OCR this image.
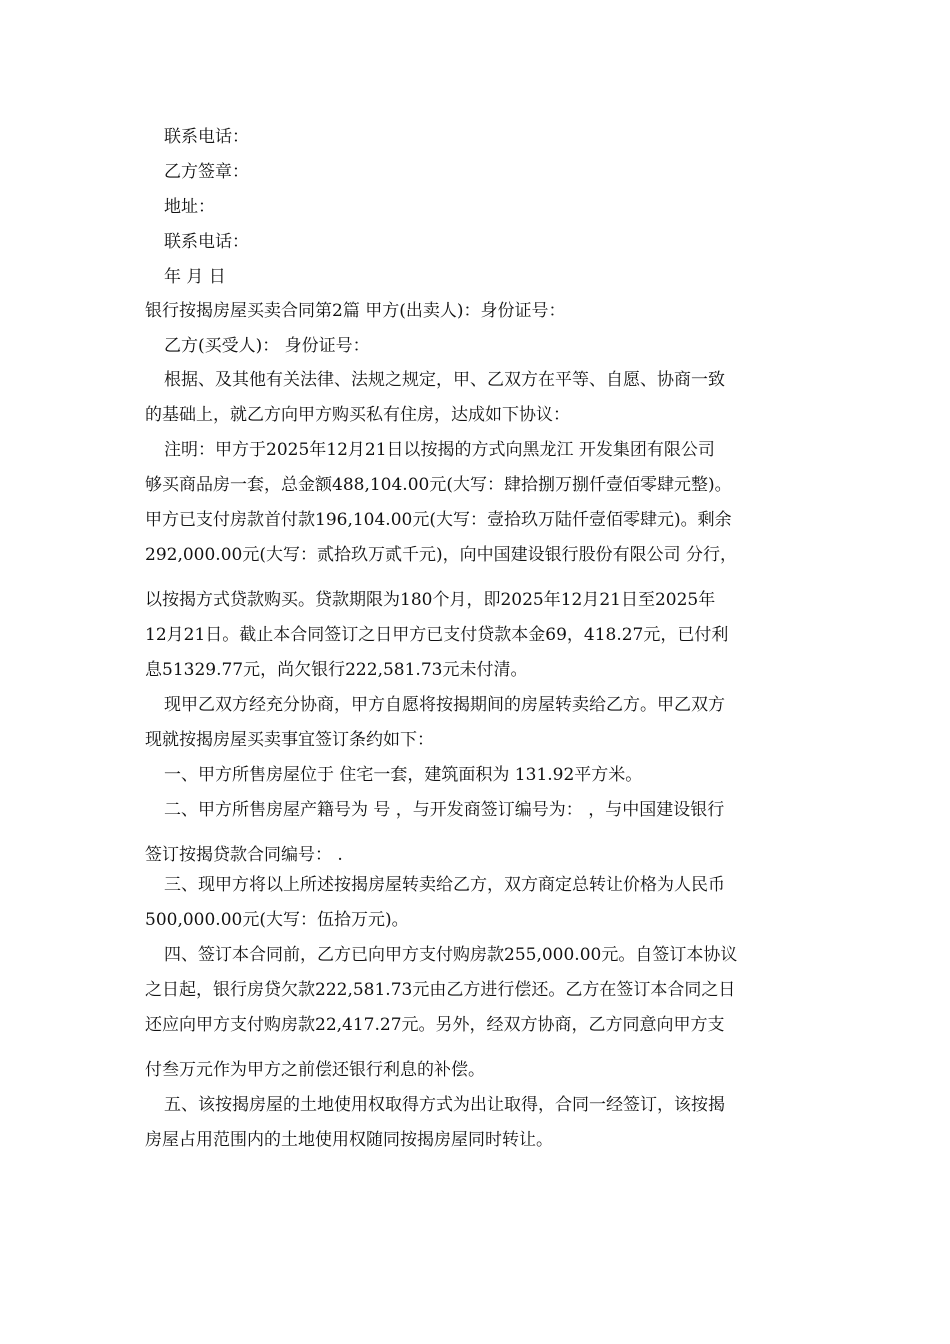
联系电话：
乙方签章：
地址：
联系电话：
年 月 日
银行按揭房屋买卖合同第2篇 甲方(出卖人)：身份证号：
乙方(买受人)： 身份证号：
根据、及其他有关法律、法规之规定，甲、乙双方在平等、自愿、协商一致
的基础上，就乙方向甲方购买私有住房，达成如下协议：
注明：甲方于2025年12月21日以按揭的方式向黑龙江 开发集团有限公司
够买商品房一套，总金额488,104.00元(大写：肆拾捌万捌仟壹佰零肆元整)。
甲方已支付房款首付款196,104.00元(大写：壹拾玖万陆仟壹佰零肆元)。剩余
292,000.00元(大写：贰拾玖万贰千元)，向中国建设银行股份有限公司 分行，
以按揭方式贷款购买。贷款期限为180个月，即2025年12月21日至2025年
12月21日。截止本合同签订之日甲方已支付贷款本金69，418.27元，已付利
息51329.77元，尚欠银行222,581.73元未付清。
现甲乙双方经充分协商，甲方自愿将按揭期间的房屋转卖给乙方。甲乙双方
现就按揭房屋买卖事宜签订条约如下：
一、甲方所售房屋位于 住宅一套，建筑面积为 131.92平方米。
二、甲方所售房屋产籍号为 号 ，与开发商签订编号为： ，与中国建设银行
签订按揭贷款合同编号： .
三、现甲方将以上所述按揭房屋转卖给乙方，双方商定总转让价格为人民币
500,000.00元(大写：伍拾万元)。
四、签订本合同前，乙方已向甲方支付购房款255,000.00元。自签订本协议
之日起，银行房贷欠款222,581.73元由乙方进行偿还。乙方在签订本合同之日
还应向甲方支付购房款22,417.27元。另外，经双方协商，乙方同意向甲方支
付叁万元作为甲方之前偿还银行利息的补偿。
五、该按揭房屋的土地使用权取得方式为出让取得，合同一经签订，该按揭
房屋占用范围内的土地使用权随同按揭房屋同时转让。
